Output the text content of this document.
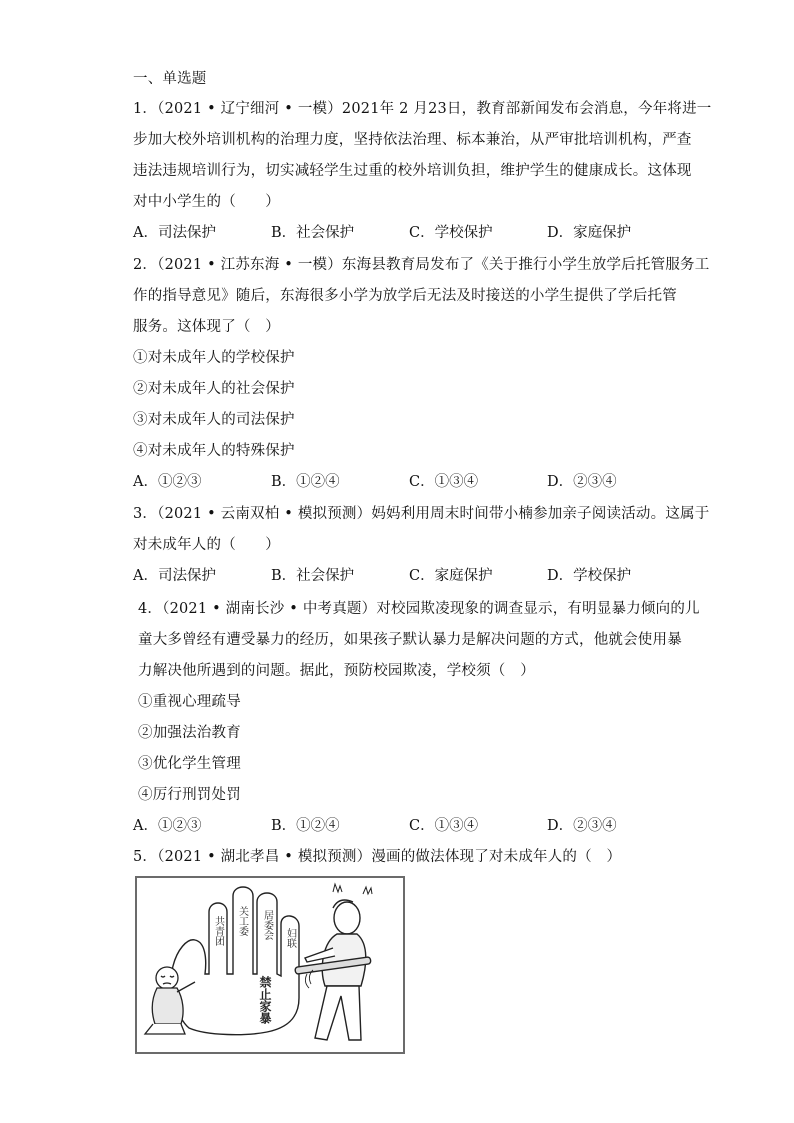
一、单选题
1．（2021 • 辽宁细河 • 一模）2021年 2 月23日，教育部新闻发布会消息，今年将进一
步加大校外培训机构的治理力度，坚持依法治理、标本兼治，从严审批培训机构，严查
违法违规培训行为，切实减轻学生过重的校外培训负担，维护学生的健康成长。这体现
对中小学生的（　　）
A．司法保护	B．社会保护	C．学校保护	D．家庭保护
2．（2021 • 江苏东海 • 一模）东海县教育局发布了《关于推行小学生放学后托管服务工
作的指导意见》随后，东海很多小学为放学后无法及时接送的小学生提供了学后托管
服务。这体现了（　）
①对未成年人的学校保护
②对未成年人的社会保护
③对未成年人的司法保护
④对未成年人的特殊保护
A．①②③	B．①②④	C．①③④	D．②③④
3．（2021 • 云南双柏 • 模拟预测）妈妈利用周末时间带小楠参加亲子阅读活动。这属于
对未成年人的（　　）
A．司法保护	B．社会保护	C．家庭保护	D．学校保护
4．（2021 • 湖南长沙 • 中考真题）对校园欺凌现象的调查显示，有明显暴力倾向的儿
童大多曾经有遭受暴力的经历，如果孩子默认暴力是解决问题的方式，他就会使用暴
力解决他所遇到的问题。据此，预防校园欺凌，学校须（　）
①重视心理疏导
②加强法治教育
③优化学生管理
④厉行刑罚处罚
A．①②③	B．①②④	C．①③④	D．②③④
5．（2021 • 湖北孝昌 • 模拟预测）漫画的做法体现了对未成年人的（　）
共青团 关工委 居委会 妇联
禁止家暴
